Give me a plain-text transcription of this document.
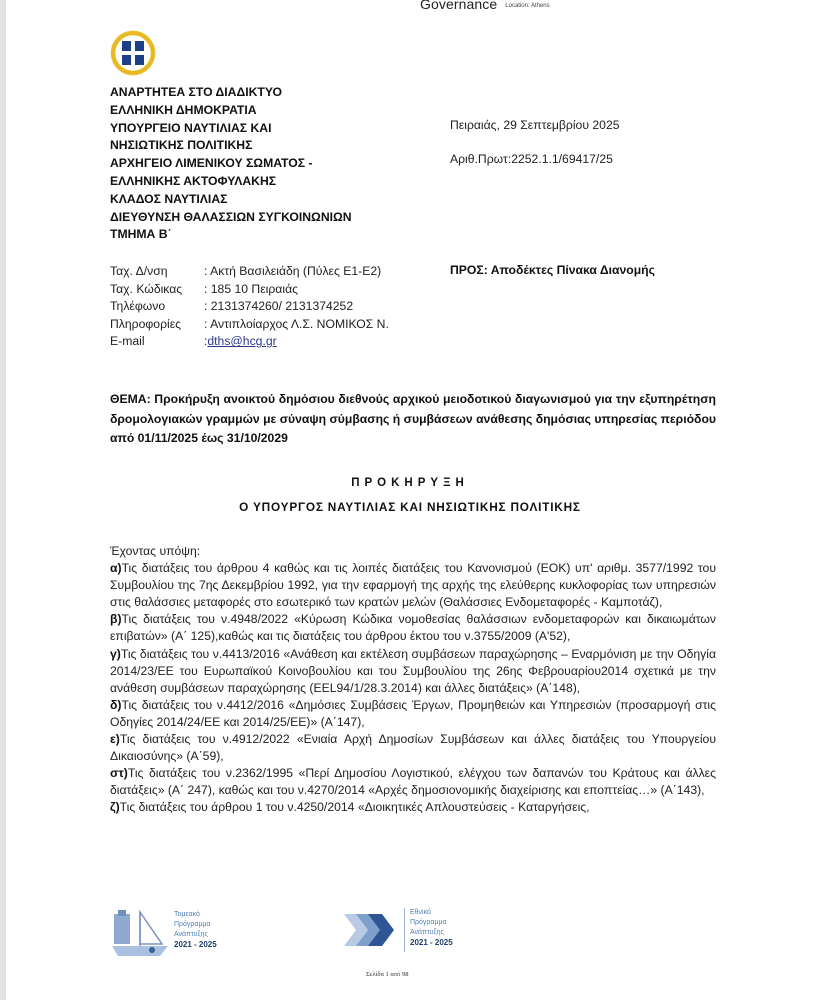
Governance Location: Athens
ΑΝΑΡΤΗΤΕΑ ΣΤΟ ΔΙΑΔΙΚΤΥΟ
ΕΛΛΗΝΙΚΗ ΔΗΜΟΚΡΑΤΙΑ
ΥΠΟΥΡΓΕΙΟ ΝΑΥΤΙΛΙΑΣ ΚΑΙ
ΝΗΣΙΩΤΙΚΗΣ ΠΟΛΙΤΙΚΗΣ
ΑΡΧΗΓΕΙΟ ΛΙΜΕΝΙΚΟΥ ΣΩΜΑΤΟΣ -
ΕΛΛΗΝΙΚΗΣ ΑΚΤΟΦΥΛΑΚΗΣ
ΚΛΑΔΟΣ ΝΑΥΤΙΛΙΑΣ
ΔΙΕΥΘΥΝΣΗ ΘΑΛΑΣΣΙΩΝ ΣΥΓΚΟΙΝΩΝΙΩΝ
ΤΜΗΜΑ Β΄
Πειραιάς, 29 Σεπτεμβρίου 2025
Αριθ.Πρωτ:2252.1.1/69417/25
Ταχ. Δ/νση	: Ακτή Βασιλειάδη (Πύλες Ε1-Ε2)
Ταχ. Κώδικας	: 185 10 Πειραιάς
Τηλέφωνο	: 2131374260/ 2131374252
Πληροφορίες	: Αντιπλοίαρχος Λ.Σ. ΝΟΜΙΚΟΣ Ν.
E-mail	: dths@hcg.gr
ΠΡΟΣ: Αποδέκτες Πίνακα Διανομής
ΘΕΜΑ: Προκήρυξη ανοικτού δημόσιου διεθνούς αρχικού μειοδοτικού διαγωνισμού για την εξυπηρέτηση δρομολογιακών γραμμών με σύναψη σύμβασης ή συμβάσεων ανάθεσης δημόσιας υπηρεσίας περιόδου από 01/11/2025 έως 31/10/2029
ΠΡΟΚΗΡΥΞΗ
Ο ΥΠΟΥΡΓΟΣ ΝΑΥΤΙΛΙΑΣ ΚΑΙ ΝΗΣΙΩΤΙΚΗΣ ΠΟΛΙΤΙΚΗΣ

Έχοντας υπόψη:

α)Τις διατάξεις του άρθρου 4 καθώς και τις λοιπές διατάξεις του Κανονισμού (ΕΟΚ) υπ' αριθμ. 3577/1992 του Συμβουλίου της 7ης Δεκεμβρίου 1992, για την εφαρμογή της αρχής της ελεύθερης κυκλοφορίας των υπηρεσιών στις θαλάσσιες μεταφορές στο εσωτερικό των κρατών μελών (Θαλάσσιες Ενδομεταφορές - Καμποτάζ),

β)Τις διατάξεις του ν.4948/2022 «Κύρωση Κώδικα νομοθεσίας θαλάσσιων ενδομεταφορών και δικαιωμάτων επιβατών» (Α΄ 125),καθώς και τις διατάξεις του άρθρου έκτου του ν.3755/2009 (Α'52),

γ)Τις διατάξεις του ν.4413/2016 «Ανάθεση και εκτέλεση συμβάσεων παραχώρησης – Εναρμόνιση με την Οδηγία 2014/23/ΕΕ του Ευρωπαϊκού Κοινοβουλίου και του Συμβουλίου της 26ης Φεβρουαρίου2014 σχετικά με την ανάθεση συμβάσεων παραχώρησης (EEL94/1/28.3.2014) και άλλες διατάξεις» (Α΄148),

δ)Τις διατάξεις του ν.4412/2016 «Δημόσιες Συμβάσεις Έργων, Προμηθειών και Υπηρεσιών (προσαρμογή στις Οδηγίες 2014/24/ΕΕ και 2014/25/ΕΕ)» (Α΄147),

ε)Τις διατάξεις του ν.4912/2022 «Ενιαία Αρχή Δημοσίων Συμβάσεων και άλλες διατάξεις του Υπουργείου Δικαιοσύνης» (Α΄59),

στ)Τις διατάξεις του ν.2362/1995 «Περί Δημοσίου Λογιστικού, ελέγχου των δαπανών του Κράτους και άλλες διατάξεις» (Α΄ 247), καθώς και του ν.4270/2014 «Αρχές δημοσιονομικής διαχείρισης και εποπτείας…» (Α΄143),

ζ)Τις διατάξεις του άρθρου 1 του ν.4250/2014 «Διοικητικές Απλουστεύσεις - Καταργήσεις,

Τομεακό
Πρόγραμμα
Ανάπτυξης
2021 - 2025
Εθνικό
Πρόγραμμα
Ανάπτυξης
2021 - 2025
Σελίδα 1 από 98
